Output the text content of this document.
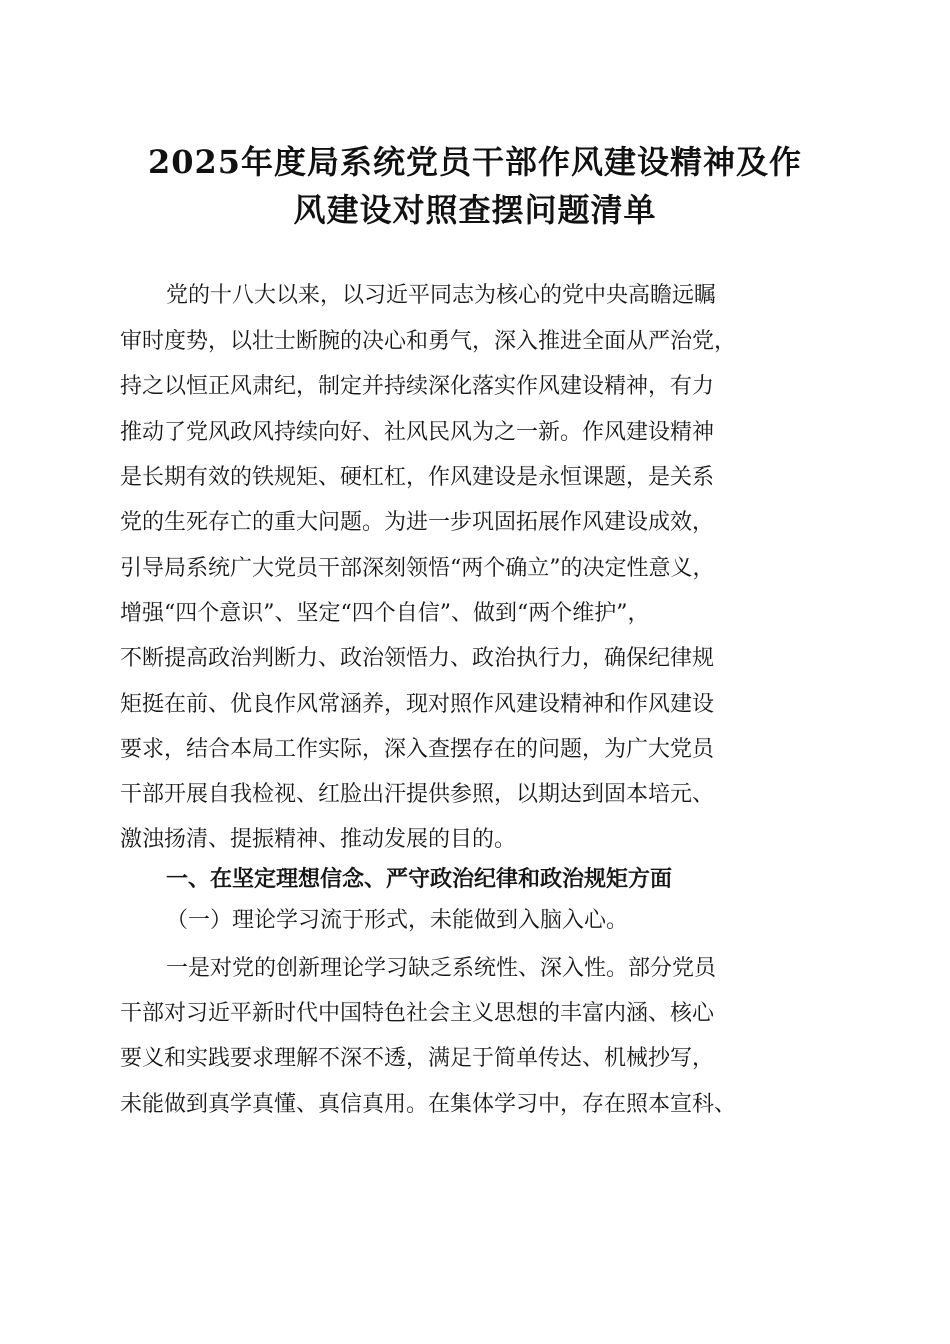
2025年度局系统党员干部作风建设精神及作
风建设对照查摆问题清单
党的十八大以来，以习近平同志为核心的党中央高瞻远瞩
审时度势，以壮士断腕的决心和勇气，深入推进全面从严治党，
持之以恒正风肃纪，制定并持续深化落实作风建设精神，有力
推动了党风政风持续向好、社风民风为之一新。作风建设精神
是长期有效的铁规矩、硬杠杠，作风建设是永恒课题，是关系
党的生死存亡的重大问题。为进一步巩固拓展作风建设成效，
引导局系统广大党员干部深刻领悟“两个确立”的决定性意义，
增强“四个意识”、坚定“四个自信”、做到“两个维护”，
不断提高政治判断力、政治领悟力、政治执行力，确保纪律规
矩挺在前、优良作风常涵养，现对照作风建设精神和作风建设
要求，结合本局工作实际，深入查摆存在的问题，为广大党员
干部开展自我检视、红脸出汗提供参照，以期达到固本培元、
激浊扬清、提振精神、推动发展的目的。
一、在坚定理想信念、严守政治纪律和政治规矩方面
（一）理论学习流于形式，未能做到入脑入心。
一是对党的创新理论学习缺乏系统性、深入性。部分党员
干部对习近平新时代中国特色社会主义思想的丰富内涵、核心
要义和实践要求理解不深不透，满足于简单传达、机械抄写，
未能做到真学真懂、真信真用。在集体学习中，存在照本宣科、
